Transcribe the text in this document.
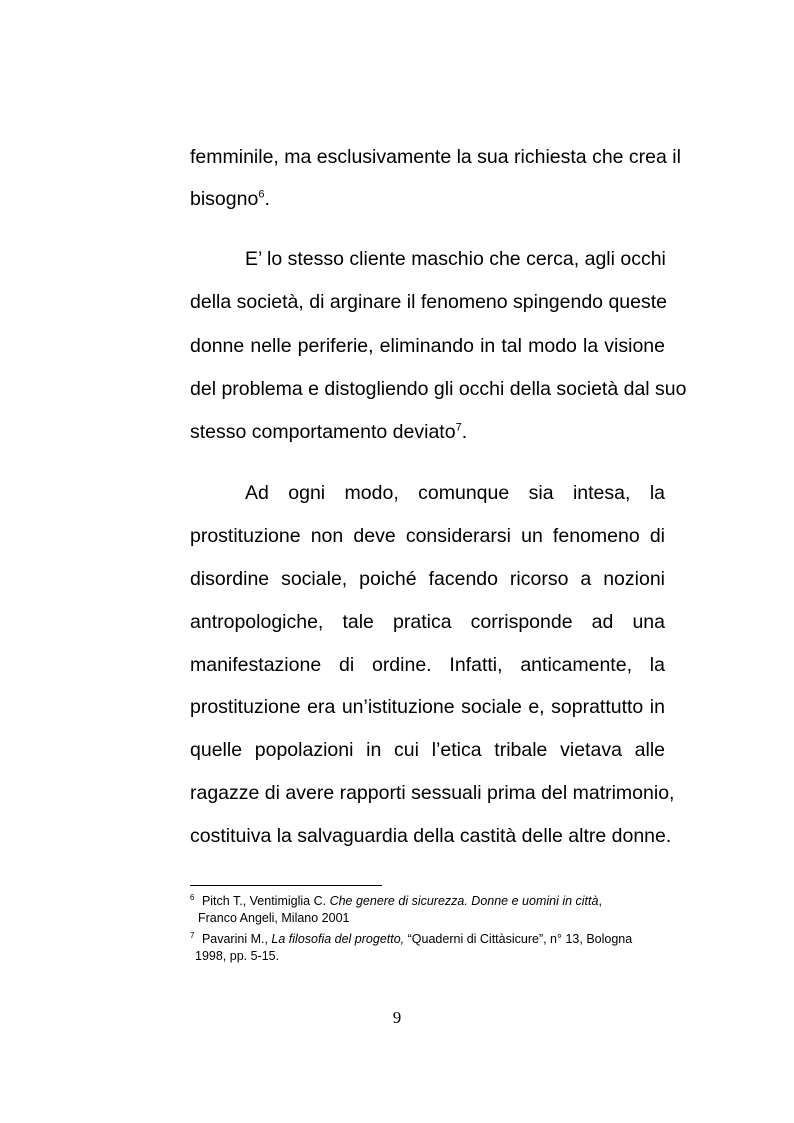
femminile, ma esclusivamente la sua richiesta che crea il
bisogno$^6$.
E’ lo stesso cliente maschio che cerca, agli occhi
della società, di arginare il fenomeno spingendo queste
donne nelle periferie, eliminando in tal modo la visione
del problema e distogliendo gli occhi della società dal suo
stesso comportamento deviato$^7$.
Ad ogni modo, comunque sia intesa, la
prostituzione non deve considerarsi un fenomeno di
disordine sociale, poiché facendo ricorso a nozioni
antropologiche, tale pratica corrisponde ad una
manifestazione di ordine. Infatti, anticamente, la
prostituzione era un’istituzione sociale e, soprattutto in
quelle popolazioni in cui l’etica tribale vietava alle
ragazze di avere rapporti sessuali prima del matrimonio,
costituiva la salvaguardia della castità delle altre donne.
$^6$ Pitch T., Ventimiglia C. Che genere di sicurezza. Donne e uomini in città,
Franco Angeli, Milano 2001
$^7$ Pavarini M., La filosofia del progetto, “Quaderni di Cittàsicure”, n° 13, Bologna
1998, pp. 5-15.
9
